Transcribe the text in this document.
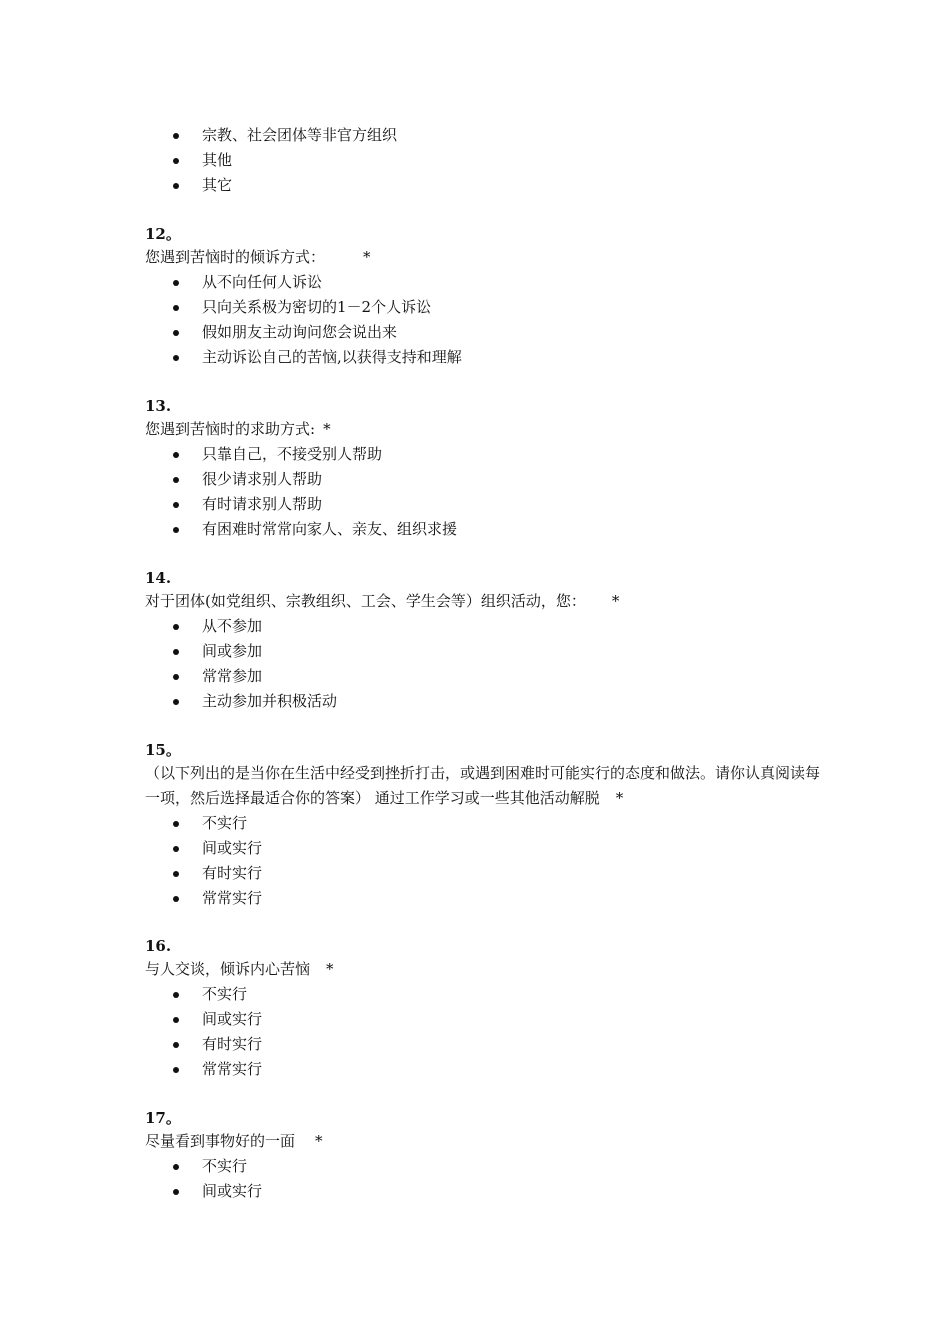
宗教、社会团体等非官方组织
其他
其它
12。
您遇到苦恼时的倾诉方式：	*
从不向任何人诉讼
只向关系极为密切的1－2个人诉讼
假如朋友主动询问您会说出来
主动诉讼自己的苦恼,以获得支持和理解
13.
您遇到苦恼时的求助方式: *
只靠自己，不接受别人帮助
很少请求别人帮助
有时请求别人帮助
有困难时常常向家人、亲友、组织求援
14.
对于团体(如党组织、宗教组织、工会、学生会等）组织活动，您： *
从不参加
间或参加
常常参加
主动参加并积极活动
15。
（以下列出的是当你在生活中经受到挫折打击，或遇到困难时可能实行的态度和做法。请你认真阅读每一项，然后选择最适合你的答案） 通过工作学习或一些其他活动解脱 *
不实行
间或实行
有时实行
常常实行
16.
与人交谈，倾诉内心苦恼 *
不实行
间或实行
有时实行
常常实行
17。
尽量看到事物好的一面 *
不实行
间或实行
